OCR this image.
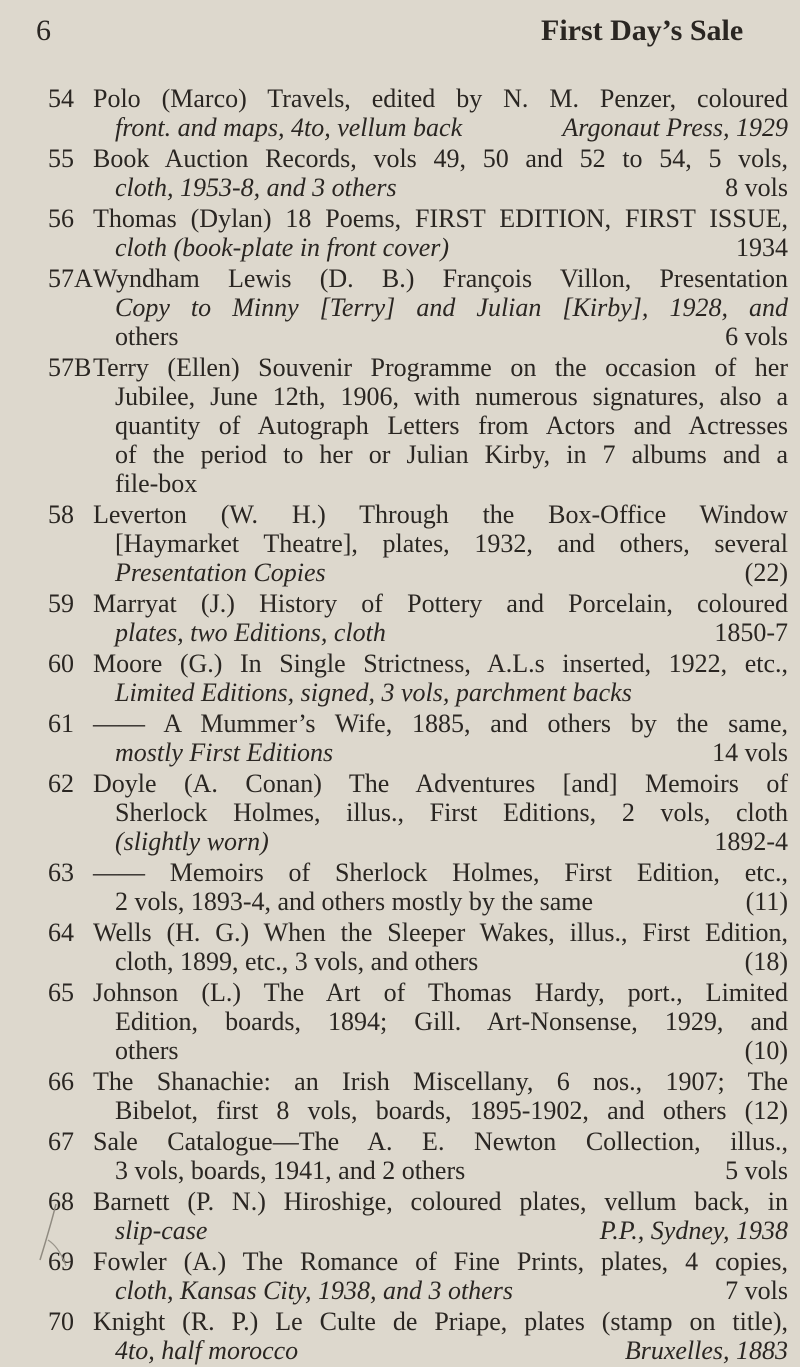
6	First Day’s Sale
54 Polo (Marco) Travels, edited by N. M. Penzer, coloured
front. and maps, 4to, vellum back	Argonaut Press, 1929
55 Book Auction Records, vols 49, 50 and 52 to 54, 5 vols,
cloth, 1953-8, and 3 others	8 vols
56 Thomas (Dylan) 18 Poems, FIRST EDITION, FIRST ISSUE,
cloth (book-plate in front cover)	1934
57A Wyndham Lewis (D. B.) François Villon, Presentation
Copy to Minny [Terry] and Julian [Kirby], 1928, and
others	6 vols
57B Terry (Ellen) Souvenir Programme on the occasion of her
Jubilee, June 12th, 1906, with numerous signatures, also a
quantity of Autograph Letters from Actors and Actresses
of the period to her or Julian Kirby, in 7 albums and a
file-box
58 Leverton (W. H.) Through the Box-Office Window
[Haymarket Theatre], plates, 1932, and others, several
Presentation Copies	(22)
59 Marryat (J.) History of Pottery and Porcelain, coloured
plates, two Editions, cloth	1850-7
60 Moore (G.) In Single Strictness, A.L.s inserted, 1922, etc.,
Limited Editions, signed, 3 vols, parchment backs
61 —— A Mummer’s Wife, 1885, and others by the same,
mostly First Editions	14 vols
62 Doyle (A. Conan) The Adventures [and] Memoirs of
Sherlock Holmes, illus., First Editions, 2 vols, cloth
(slightly worn)	1892-4
63 —— Memoirs of Sherlock Holmes, First Edition, etc.,
2 vols, 1893-4, and others mostly by the same	(11)
64 Wells (H. G.) When the Sleeper Wakes, illus., First Edition,
cloth, 1899, etc., 3 vols, and others	(18)
65 Johnson (L.) The Art of Thomas Hardy, port., Limited
Edition, boards, 1894; Gill. Art-Nonsense, 1929, and
others	(10)
66 The Shanachie: an Irish Miscellany, 6 nos., 1907; The
Bibelot, first 8 vols, boards, 1895-1902, and others (12)
67 Sale Catalogue—The A. E. Newton Collection, illus.,
3 vols, boards, 1941, and 2 others	5 vols
68 Barnett (P. N.) Hiroshige, coloured plates, vellum back, in
slip-case	P.P., Sydney, 1938
69 Fowler (A.) The Romance of Fine Prints, plates, 4 copies,
cloth, Kansas City, 1938, and 3 others	7 vols
70 Knight (R. P.) Le Culte de Priape, plates (stamp on title),
4to, half morocco	Bruxelles, 1883
